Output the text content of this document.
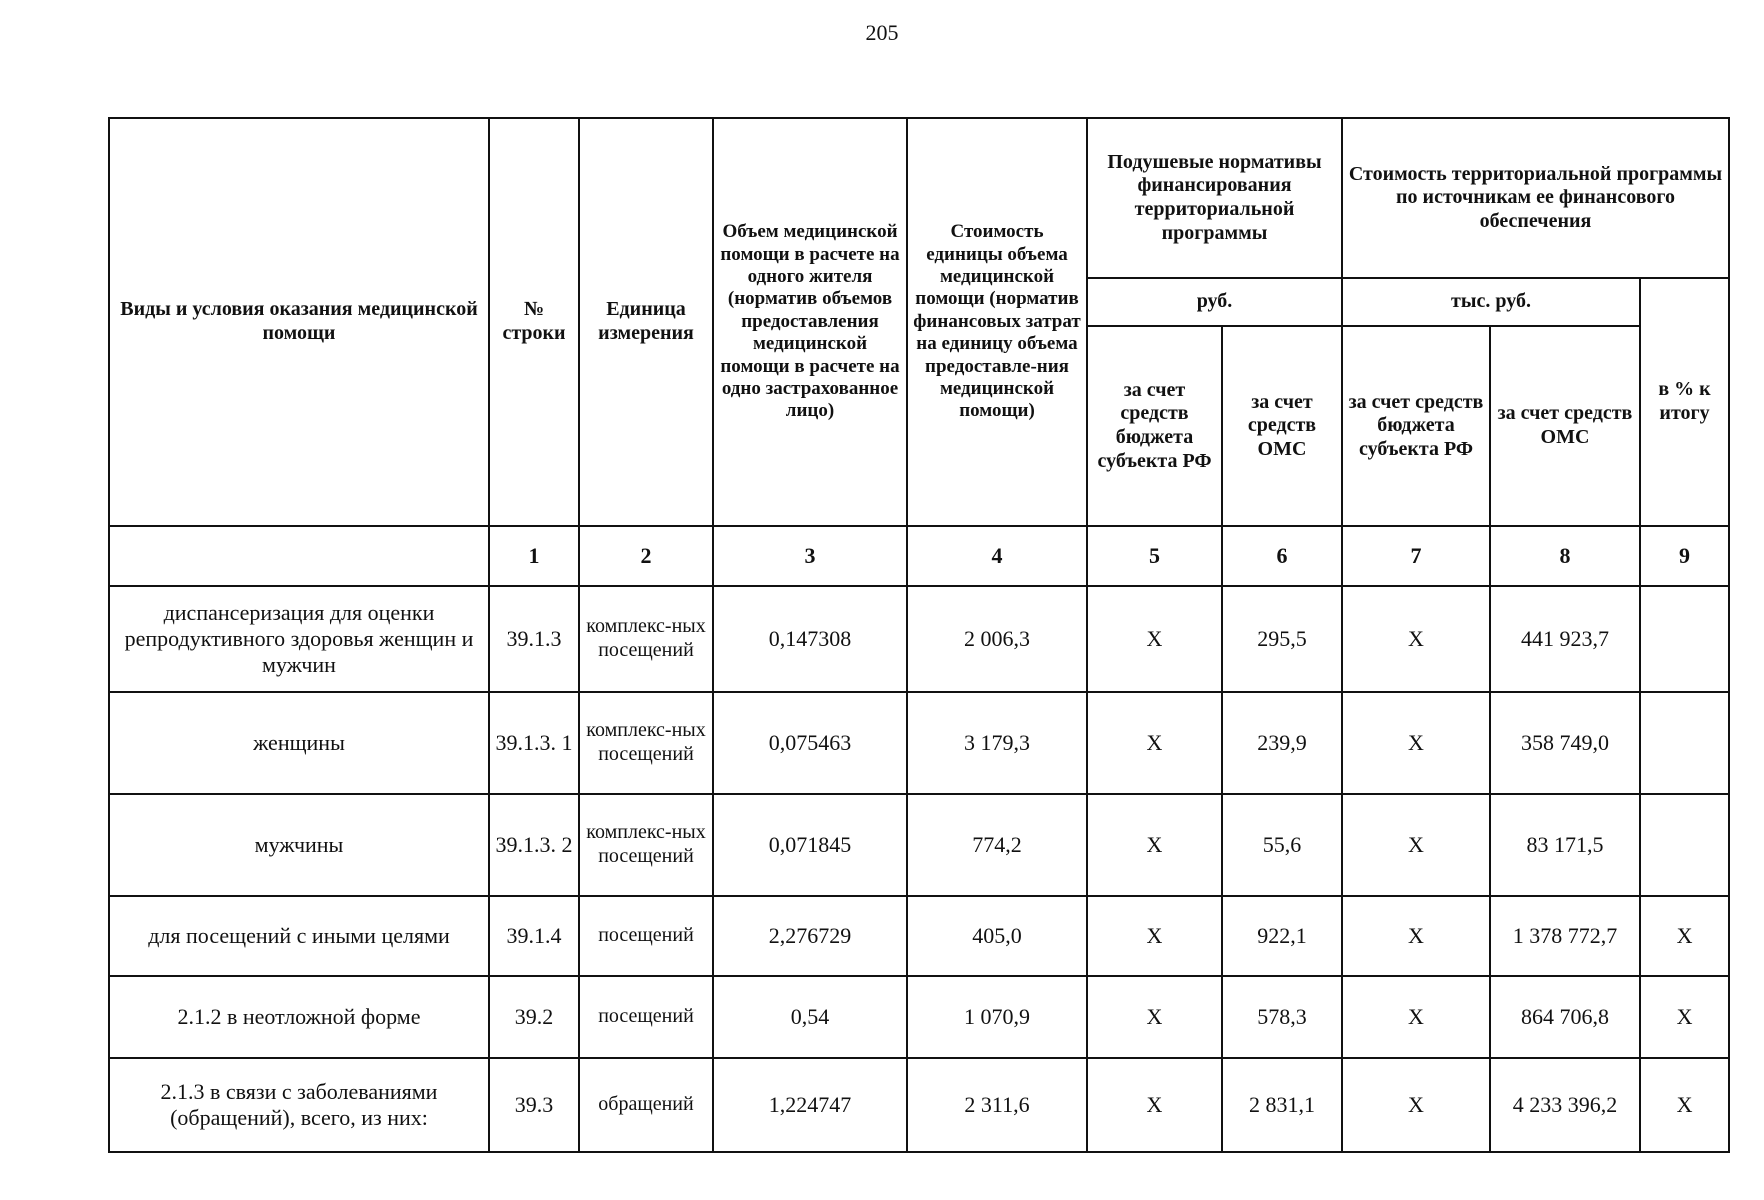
205
Виды и условия оказания медицинской помощи	№ строки	Единица измерения	Объем медицинской помощи в расчете на одного жителя (норматив объемов предоставления медицинской помощи в расчете на одно застрахованное лицо)	Стоимость единицы объема медицинской помощи (норматив финансовых затрат на единицу объема предоставле-ния медицинской помощи)	Подушевые нормативы финансирования территориальной программы		Стоимость территориальной программы по источникам ее финансового обеспечения		
					руб.		тыс. руб.		в % к итогу
					за счет средств бюджета субъекта РФ	за счет средств ОМС	за счет средств бюджета субъекта РФ	за счет средств ОМС	
	1	2	3	4	5	6	7	8	9
диспансеризация для оценки репродуктивного здоровья женщин и мужчин	39.1.3	комплекс-ных посещений	0,147308	2 006,3	X	295,5	X	441 923,7	
женщины	39.1.3. 1	комплекс-ных посещений	0,075463	3 179,3	X	239,9	X	358 749,0	
мужчины	39.1.3. 2	комплекс-ных посещений	0,071845	774,2	X	55,6	X	83 171,5	
для посещений с иными целями	39.1.4	посещений	2,276729	405,0	X	922,1	X	1 378 772,7	X
2.1.2 в неотложной форме	39.2	посещений	0,54	1 070,9	X	578,3	X	864 706,8	X
2.1.3 в связи с заболеваниями (обращений), всего, из них:	39.3	обращений	1,224747	2 311,6	X	2 831,1	X	4 233 396,2	X
